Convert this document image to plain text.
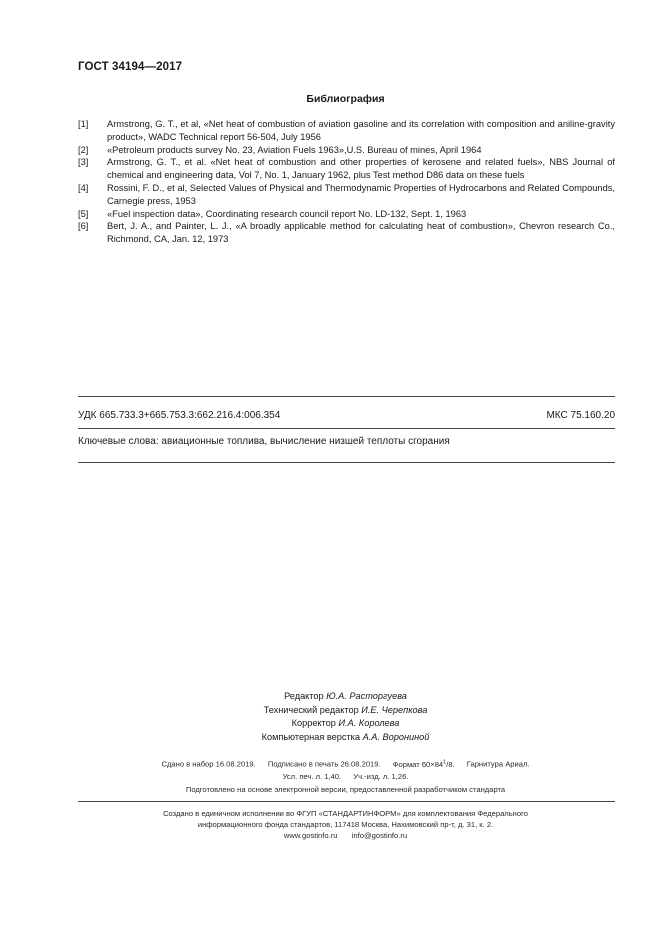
ГОСТ 34194—2017
Библиография
[1]	Armstrong, G. T., et al, «Net heat of combustion of aviation gasoline and its correlation with composition and aniline-gravity product», WADC Technical report 56-504, July 1956
[2]	«Petroleum products survey No. 23, Aviation Fuels 1963»,U.S. Bureau of mines, April 1964
[3]	Armstrong, G. T., et al. «Net heat of combustion and other properties of kerosene and related fuels», NBS Journal of chemical and engineering data, Vol 7, No. 1, January 1962, plus Test method D86 data on these fuels
[4]	Rossini, F. D., et al, Selected Values of Physical and Thermodynamic Properties of Hydrocarbons and Related Compounds, Carnegie press, 1953
[5]	«Fuel inspection data», Coordinating research council report No. LD-132, Sept. 1, 1963
[6]	Bert, J. A., and Painter, L. J., «A broadly applicable method for calculating heat of combustion», Chevron research Co., Richmond, CA, Jan. 12, 1973
УДК 665.733.3+665.753.3:662.216.4:006.354	МКС 75.160.20
Ключевые слова: авиационные топлива, вычисление низшей теплоты сгорания
Редактор Ю.А. Расторгуева
Технический редактор И.Е. Черепкова
Корректор И.А. Королева
Компьютерная верстка А.А. Ворониной
Сдано в набор 16.08.2019. Подписано в печать 26.08.2019. Формат $60\times 84^1/8$. Гарнитура Ариал.
Усл. печ. л. 1,40. Уч.-изд. л. 1,26.
Подготовлено на основе электронной версии, предоставленной разработчиком стандарта
Создано в единичном исполнении во ФГУП «СТАНДАРТИНФОРМ» для комплектования Федерального
информационного фонда стандартов, 117418 Москва, Нахимовский пр-т, д. 31, к. 2.
www.gostinfo.ru info@gostinfo.ru
